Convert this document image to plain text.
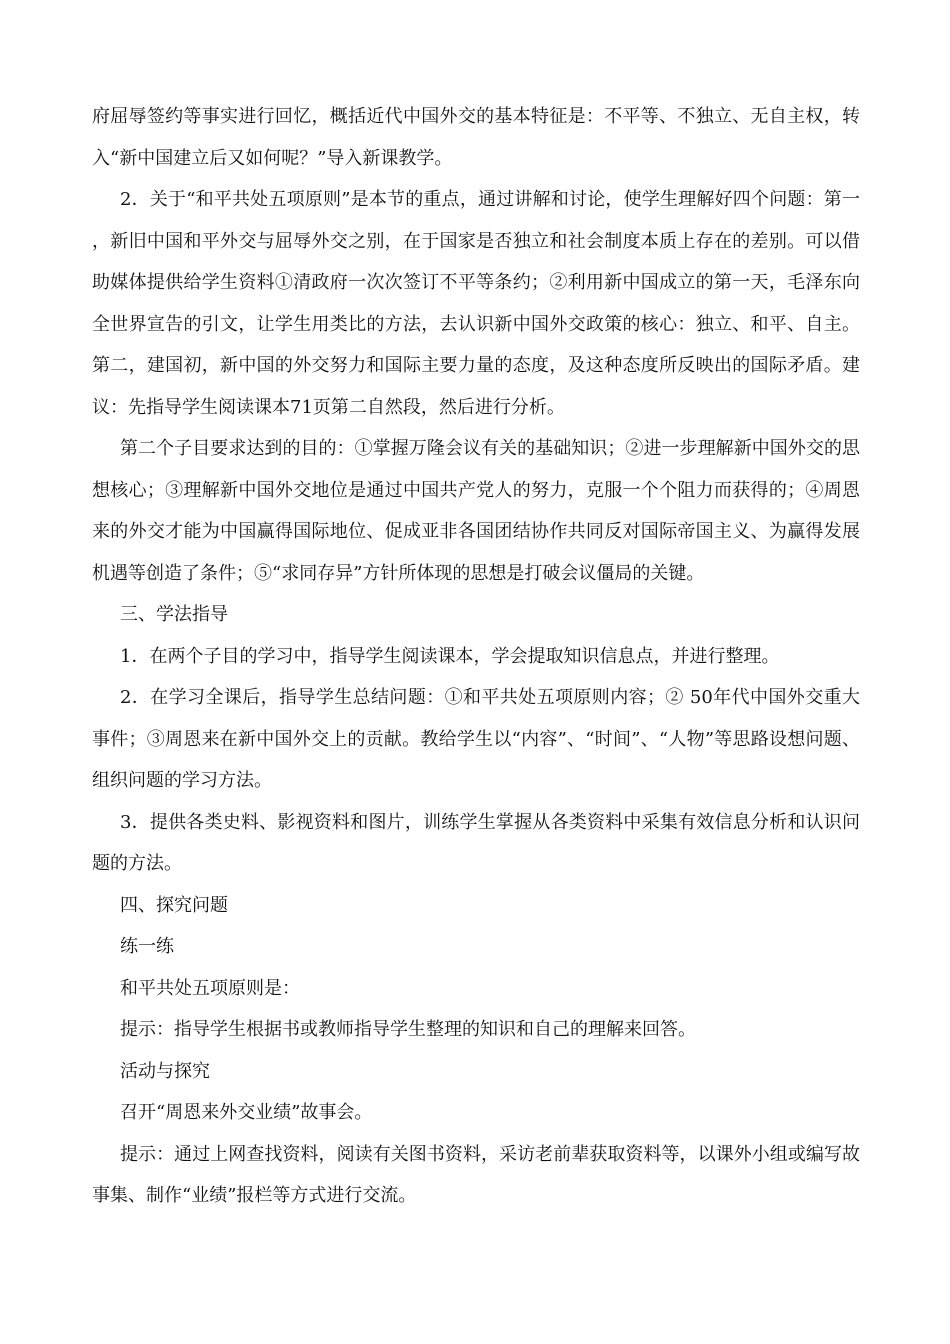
府屈辱签约等事实进行回忆，概括近代中国外交的基本特征是：不平等、不独立、无自主权，转入“新中国建立后又如何呢？”导入新课教学。

2．关于“和平共处五项原则”是本节的重点，通过讲解和讨论，使学生理解好四个问题：第一，新旧中国和平外交与屈辱外交之别，在于国家是否独立和社会制度本质上存在的差别。可以借助媒体提供给学生资料①清政府一次次签订不平等条约；②利用新中国成立的第一天，毛泽东向全世界宣告的引文，让学生用类比的方法，去认识新中国外交政策的核心：独立、和平、自主。第二，建国初，新中国的外交努力和国际主要力量的态度，及这种态度所反映出的国际矛盾。建议：先指导学生阅读课本71页第二自然段，然后进行分析。

第二个子目要求达到的目的：①掌握万隆会议有关的基础知识；②进一步理解新中国外交的思想核心；③理解新中国外交地位是通过中国共产党人的努力，克服一个个阻力而获得的；④周恩来的外交才能为中国赢得国际地位、促成亚非各国团结协作共同反对国际帝国主义、为赢得发展机遇等创造了条件；⑤“求同存异”方针所体现的思想是打破会议僵局的关键。

三、学法指导

1．在两个子目的学习中，指导学生阅读课本，学会提取知识信息点，并进行整理。

2．在学习全课后，指导学生总结问题：①和平共处五项原则内容；② 50年代中国外交重大事件；③周恩来在新中国外交上的贡献。教给学生以“内容”、“时间”、“人物”等思路设想问题、组织问题的学习方法。

3．提供各类史料、影视资料和图片，训练学生掌握从各类资料中采集有效信息分析和认识问题的方法。

四、探究问题

练一练

和平共处五项原则是：

提示：指导学生根据书或教师指导学生整理的知识和自己的理解来回答。

活动与探究

召开“周恩来外交业绩”故事会。

提示：通过上网查找资料，阅读有关图书资料，采访老前辈获取资料等，以课外小组或编写故事集、制作“业绩”报栏等方式进行交流。
